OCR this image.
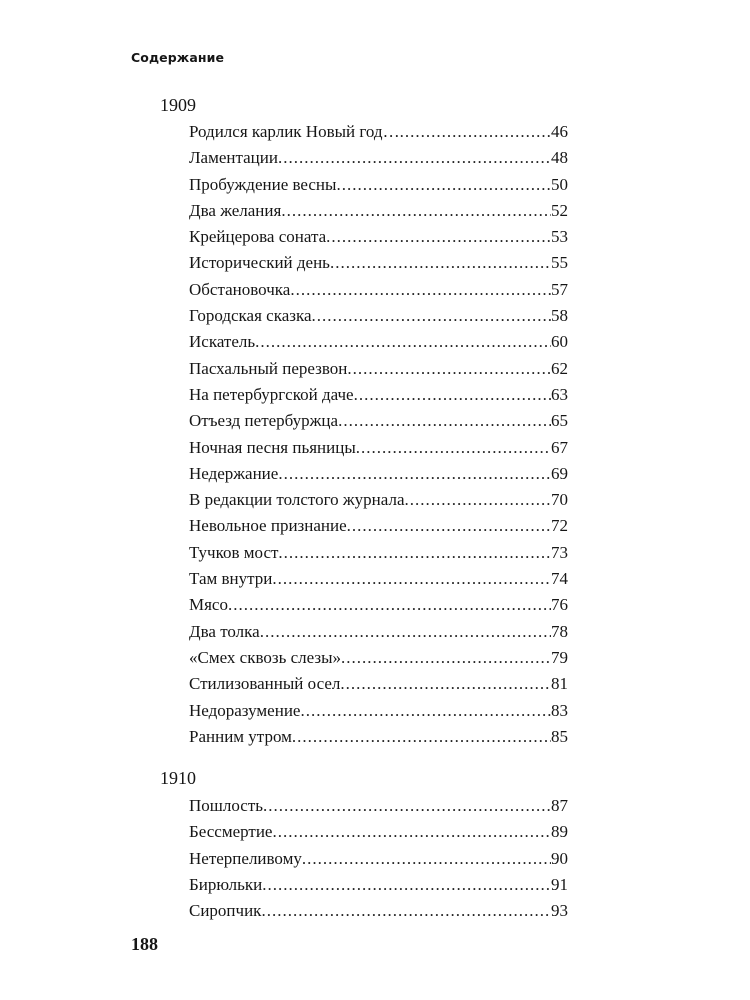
Содержание
1909
Родился карлик Новый год… .....	46
Ламентации .....	48
Пробуждение весны .....	50
Два желания .....	52
Крейцерова соната .....	53
Исторический день .....	55
Обстановочка .....	57
Городская сказка .....	58
Искатель .....	60
Пасхальный перезвон .....	62
На петербургской даче .....	63
Отъезд петербуржца .....	65
Ночная песня пьяницы .....	67
Недержание .....	69
В редакции толстого журнала .....	70
Невольное признание .....	72
Тучков мост .....	73
Там внутри .....	74
Мясо .....	76
Два толка .....	78
«Смех сквозь слезы» .....	79
Стилизованный осел .....	81
Недоразумение .....	83
Ранним утром .....	85
1910
Пошлость .....	87
Бессмертие .....	89
Нетерпеливому .....	90
Бирюльки .....	91
Сиропчик .....	93
188
